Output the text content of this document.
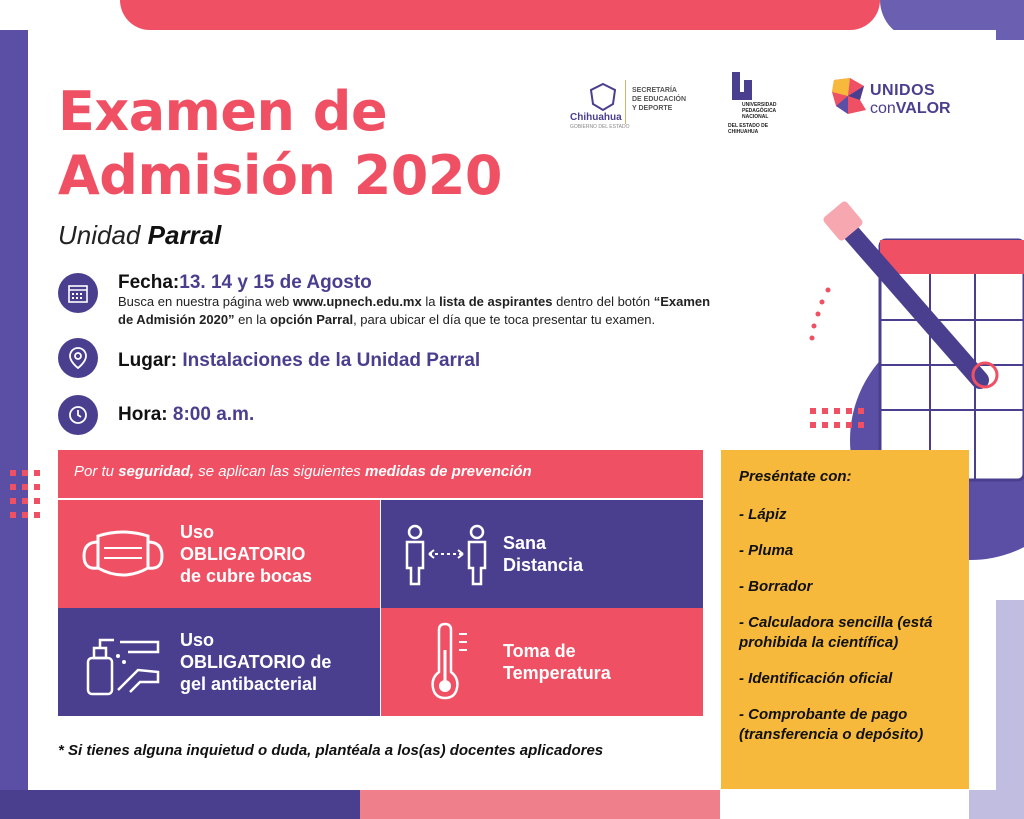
Examen de
Admisión 2020
Unidad Parral
Chihuahua
GOBIERNO DEL ESTADO
SECRETARÍA
DE EDUCACIÓN
Y DEPORTE	UNIVERSIDAD
PEDAGÓGICA
NACIONAL
DEL ESTADO DE CHIHUAHUA
UNIDOS
conVALOR
Fecha:13. 14 y 15 de Agosto
Busca en nuestra página web www.upnech.edu.mx la lista de aspirantes dentro del botón “Examen de Admisión 2020” en la opción Parral, para ubicar el día que te toca presentar tu examen.
Lugar: Instalaciones de la Unidad Parral
Hora: 8:00 a.m.
Por tu seguridad, se aplican las siguientes medidas de prevención
Uso
OBLIGATORIO
de cubre bocas
Sana
Distancia
Uso
OBLIGATORIO de
gel antibacterial
Toma de
Temperatura
Preséntate con:
- Lápiz
- Pluma
- Borrador
- Calculadora sencilla (está prohibida la científica)
- Identificación oficial
- Comprobante de pago (transferencia o depósito)
* Si tienes alguna inquietud o duda, plantéala a los(as) docentes aplicadores
